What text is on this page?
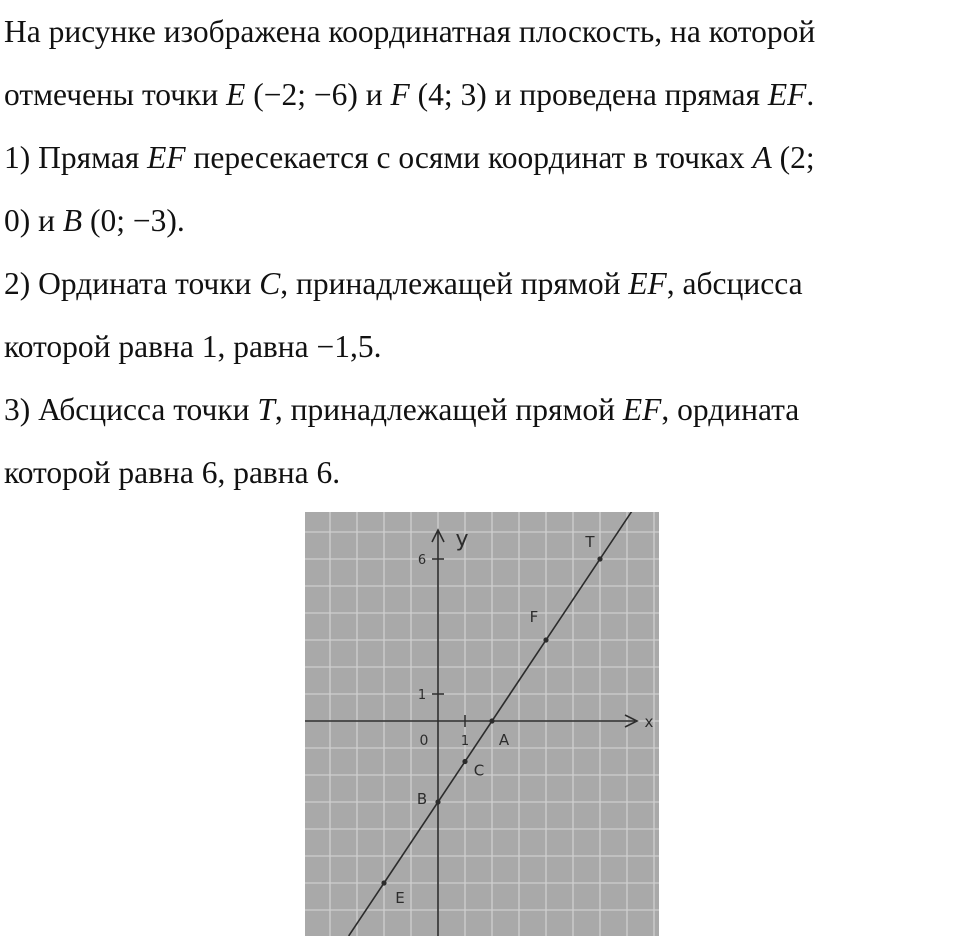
На рисунке изображена координатная плоскость, на которой
отмечены точки E (−2; −6) и F (4; 3) и проведена прямая EF.
1) Прямая EF пересекается с осями координат в точках A (2;
0) и B (0; −3).
2) Ордината точки C, принадлежащей прямой EF, абсцисса
которой равна 1, равна −1,5.
3) Абсцисса точки T, принадлежащей прямой EF, ордината
которой равна 6, равна 6.
x
y
0 1
1
6
E
F
A
B
C
T
